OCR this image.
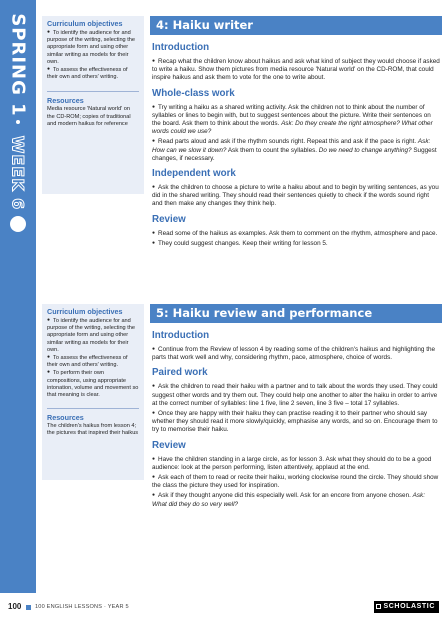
SPRING 1
WEEK 6
Curriculum objectives
● To identify the audience for and purpose of the writing, selecting the appropriate form and using other similar writing as models for their own.
● To assess the effectiveness of their own and others' writing.
Resources
Media resource 'Natural world' on the CD-ROM; copies of traditional and modern haikus for reference
4: Haiku writer
Introduction

● Recap what the children know about haikus and ask what kind of subject they would choose if asked to write a haiku. Show them pictures from media resource 'Natural world' on the CD-ROM, that could inspire haikus and ask them to vote for the one to write about.

Whole-class work

● Try writing a haiku as a shared writing activity. Ask the children not to think about the number of syllables or lines to begin with, but to suggest sentences about the picture. Write their sentences on the board. Ask them to think about the words. Ask: Do they create the right atmosphere? What other words could we use?

● Read parts aloud and ask if the rhythm sounds right. Repeat this and ask if the pace is right. Ask: How can we slow it down? Ask them to count the syllables. Do we need to change anything? Suggest changes, if necessary.

Independent work

● Ask the children to choose a picture to write a haiku about and to begin by writing sentences, as you did in the shared writing. They should read their sentences quietly to check if the words sound right and then make any changes they think help.

Review

● Read some of the haikus as examples. Ask them to comment on the rhythm, atmosphere and pace.

● They could suggest changes. Keep their writing for lesson 5.

Curriculum objectives
● To identify the audience for and purpose of the writing, selecting the appropriate form and using other similar writing as models for their own.
● To assess the effectiveness of their own and others' writing.
● To perform their own compositions, using appropriate intonation, volume and movement so that meaning is clear.
Resources
The children's haikus from lesson 4; the pictures that inspired their haikus
5: Haiku review and performance
Introduction

● Continue from the Review of lesson 4 by reading some of the children's haikus and highlighting the parts that work well and why, considering rhythm, pace, atmosphere, choice of words.

Paired work

● Ask the children to read their haiku with a partner and to talk about the words they used. They could suggest other words and try them out. They could help one another to alter the haiku in order to arrive at the correct number of syllables: line 1 five, line 2 seven, line 3 five – total 17 syllables.

● Once they are happy with their haiku they can practise reading it to their partner who should say whether they should read it more slowly/quickly, emphasise any words, and so on. Encourage them to try to memorise their haiku.

Review

● Have the children standing in a large circle, as for lesson 3. Ask what they should do to be a good audience: look at the person performing, listen attentively, applaud at the end.

● Ask each of them to read or recite their haiku, working clockwise round the circle. They should show the class the picture they used for inspiration.

● Ask if they thought anyone did this especially well. Ask for an encore from anyone chosen. Ask: What did they do so very well?

100 100 ENGLISH LESSONS · YEAR 5	SCHOLASTIC
